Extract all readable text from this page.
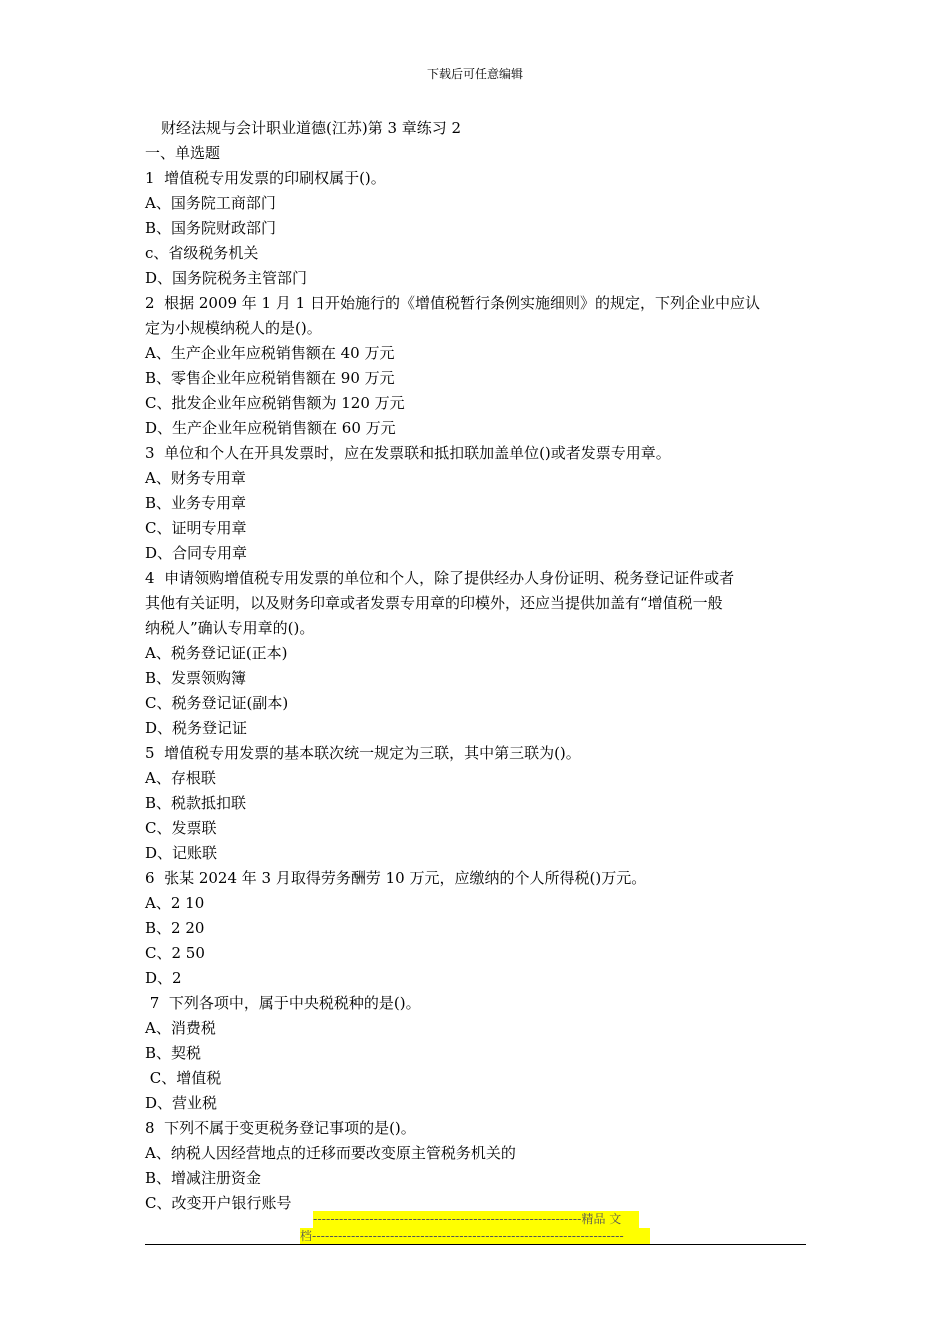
下载后可任意编辑
财经法规与会计职业道德(江苏)第 3 章练习 2
一、单选题
1  增值税专用发票的印刷权属于()。
A、国务院工商部门
B、国务院财政部门
c、省级税务机关
D、国务院税务主管部门
2  根据 2009 年 1 月 1 日开始施行的《增值税暂行条例实施细则》的规定，下列企业中应认
定为小规模纳税人的是()。
A、生产企业年应税销售额在 40 万元
B、零售企业年应税销售额在 90 万元
C、批发企业年应税销售额为 120 万元
D、生产企业年应税销售额在 60 万元
3  单位和个人在开具发票时，应在发票联和抵扣联加盖单位()或者发票专用章。
A、财务专用章
B、业务专用章
C、证明专用章
D、合同专用章
4  申请领购增值税专用发票的单位和个人，除了提供经办人身份证明、税务登记证件或者
其他有关证明，以及财务印章或者发票专用章的印模外，还应当提供加盖有“增值税一般
纳税人”确认专用章的()。
A、税务登记证(正本)
B、发票领购簿
C、税务登记证(副本)
D、税务登记证
5  增值税专用发票的基本联次统一规定为三联，其中第三联为()。
A、存根联
B、税款抵扣联
C、发票联
D、记账联
6  张某 2024 年 3 月取得劳务酬劳 10 万元，应缴纳的个人所得税()万元。
A、2 10
B、2 20
C、2 50
D、2
7  下列各项中，属于中央税税种的是()。
A、消费税
B、契税
C、增值税
D、营业税
8  下列不属于变更税务登记事项的是()。
A、纳税人因经营地点的迁移而要改变原主管税务机关的
B、增减注册资金
C、改变开户银行账号
--------------------------------------------------------------精品 文
档------------------------------------------------------------------------
